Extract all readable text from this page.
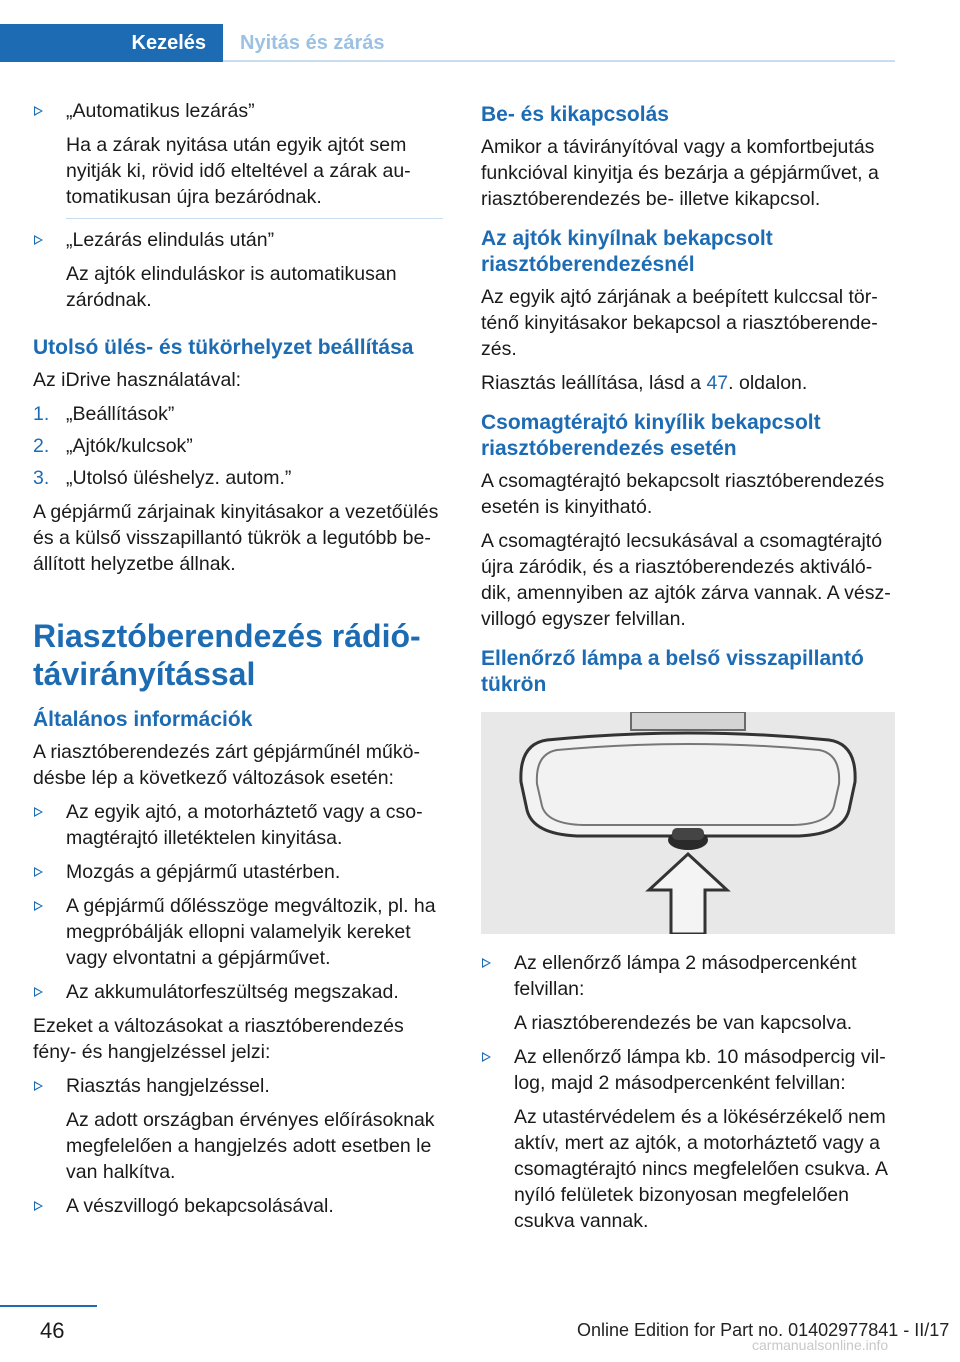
Kezelés	Nyitás és zárás
„Automatikus lezárás”
Ha a zárak nyitása után egyik ajtót sem nyitják ki, rövid idő elteltével a zárak automatikusan újra bezáródnak.
„Lezárás elindulás után”
Az ajtók elinduláskor is automatikusan záródnak.
Utolsó ülés- és tükörhelyzet beállítása

Az iDrive használatával:

1. „Beállítások”
2. „Ajtók/kulcsok”
3. „Utolsó üléshelyz. autom.”

A gépjármű zárjainak kinyitásakor a vezetőülés és a külső visszapillantó tükrök a legutóbb beállított helyzetbe állnak.

Riasztóberendezés rádiótávirányítással
Általános információk

A riasztóberendezés zárt gépjárműnél működésbe lép a következő változások esetén:

Az egyik ajtó, a motorháztető vagy a csomagtérajtó illetéktelen kinyitása.
Mozgás a gépjármű utastérben.
A gépjármű dőlésszöge megváltozik, pl. ha megpróbálják ellopni valamelyik kereket vagy elvontatni a gépjárművet.
Az akkumulátorfeszültség megszakad.

Ezeket a változásokat a riasztóberendezés fény- és hangjelzéssel jelzi:

Riasztás hangjelzéssel.
Az adott országban érvényes előírásoknak megfelelően a hangjelzés adott esetben le van halkítva.
A vészvillogó bekapcsolásával.
Be- és kikapcsolás

Amikor a távirányítóval vagy a komfortbejutás funkcióval kinyitja és bezárja a gépjárművet, a riasztóberendezés be- illetve kikapcsol.

Az ajtók kinyílnak bekapcsolt riasztóberendezésnél

Az egyik ajtó zárjának a beépített kulccsal történő kinyitásakor bekapcsol a riasztóberendezés.

Riasztás leállítása, lásd a 47. oldalon.

Csomagtérajtó kinyílik bekapcsolt riasztóberendezés esetén

A csomagtérajtó bekapcsolt riasztóberendezés esetén is kinyitható.

A csomagtérajtó lecsukásával a csomagtérajtó újra záródik, és a riasztóberendezés aktiválódik, amennyiben az ajtók zárva vannak. A vészvillogó egyszer felvillan.

Ellenőrző lámpa a belső visszapillantó tükrön
Az ellenőrző lámpa 2 másodpercenként felvillan:
A riasztóberendezés be van kapcsolva.
Az ellenőrző lámpa kb. 10 másodpercig villog, majd 2 másodpercenként felvillan:
Az utastérvédelem és a lökésérzékelő nem aktív, mert az ajtók, a motorháztető vagy a csomagtérajtó nincs megfelelően csukva. A nyíló felületek bizonyosan megfelelően csukva vannak.
46	Online Edition for Part no. 01402977841 - II/17
carmanualsonline.info
